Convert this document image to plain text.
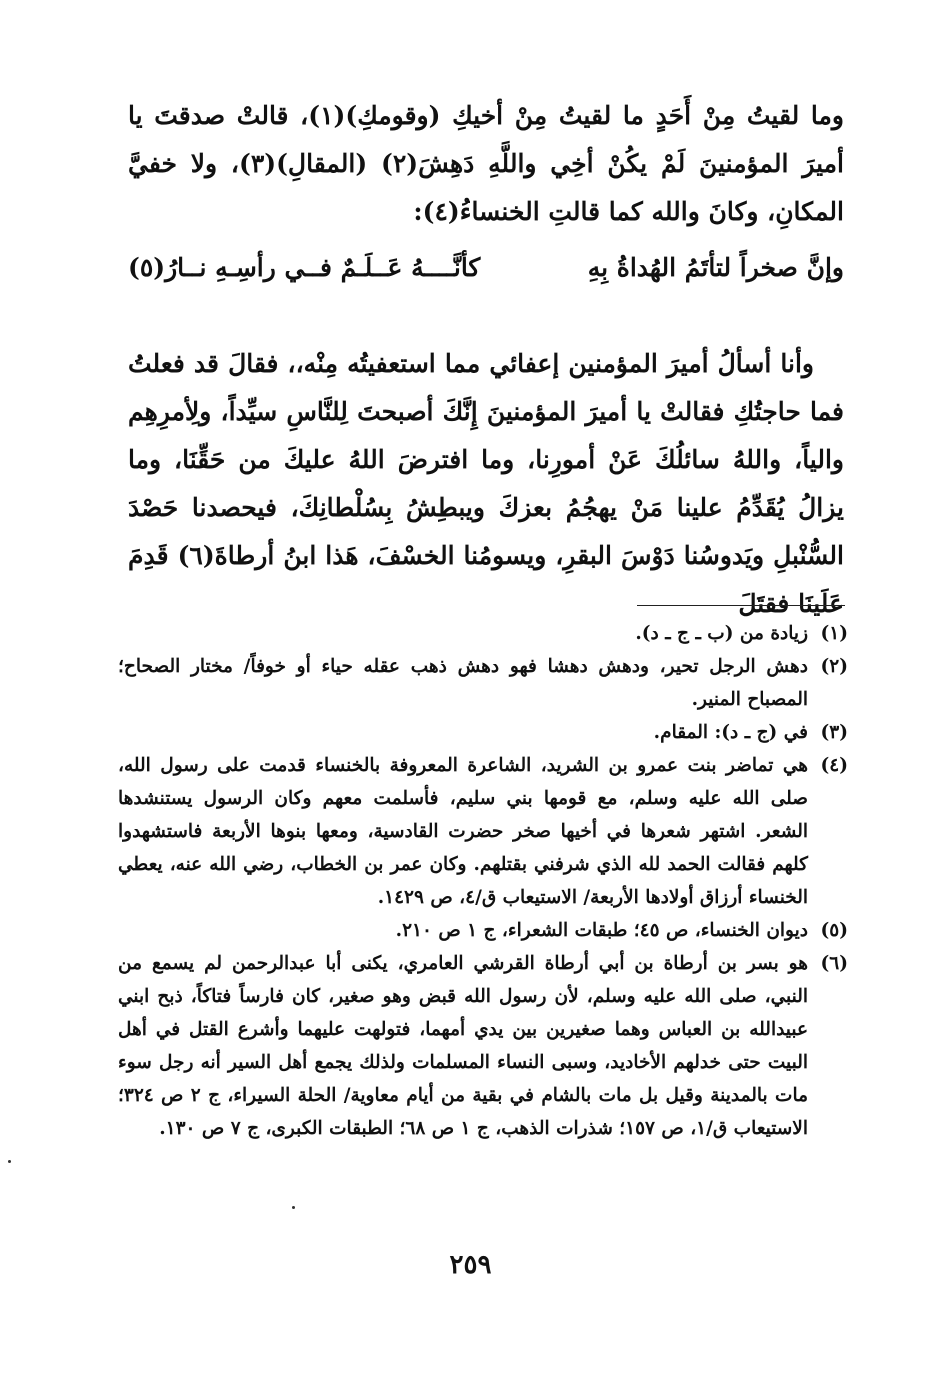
وما لقيتُ مِنْ أَحَدٍ ما لقيتُ مِنْ أخيكِ (وقومكِ)(١)، قالتْ صدقتَ يا أميرَ المؤمنينَ لَمْ يكُنْ أخِي واللَّهِ دَهِشَ(٢) (المقالِ)(٣)، ولا خفيَّ المكانِ، وكانَ والله كما قالتِ الخنساءُ(٤):

وإنَّ صخراً لتأتَمُ الهُداةُ بِهِ
كأنَّــــهُ عَــلَـمٌ فــي رأسِـهِ نــارُ(٥)

وأنا أسألُ أميرَ المؤمنين إعفائي مما استعفيتُه مِنْه،، فقالَ قد فعلتُ فما حاجتُكِ فقالتْ يا أميرَ المؤمنينَ إِنَّكَ أصبحتَ لِلنَّاسِ سيِّداً، ولِأمرِهِم والياً، واللهُ سائلُكَ عَنْ أمورِنا، وما افترضَ اللهُ عليكَ من حَقِّنَا، وما يزالُ يُقَدِّمُ علينا مَنْ يهجُمُ بعزكَ ويبطِشُ بِسُلْطانِكَ، فيحصدنا حَصْدَ السُّنْبلِ ويَدوسُنا دَوْسَ البقرِ، ويسومُنا الخسْفَ، هَذا ابنُ أرطاةَ(٦) قَدِمَ عَلَينَا فقتَلَ

(١)
زيادة من (ب ـ ج ـ د).
(٢)
دهش الرجل تحير، ودهش دهشا فهو دهش ذهب عقله حياء أو خوفاً/ مختار الصحاح؛ المصباح المنير.
(٣)
في (ج ـ د): المقام.
(٤)
هي تماضر بنت عمرو بن الشريد، الشاعرة المعروفة بالخنساء قدمت على رسول الله، صلى الله عليه وسلم، مع قومها بني سليم، فأسلمت معهم وكان الرسول يستنشدها الشعر. اشتهر شعرها في أخيها صخر حضرت القادسية، ومعها بنوها الأربعة فاستشهدوا كلهم فقالت الحمد لله الذي شرفني بقتلهم. وكان عمر بن الخطاب، رضي الله عنه، يعطي الخنساء أرزاق أولادها الأربعة/ الاستيعاب ق/٤، ص ١٤٢٩.
(٥)
ديوان الخنساء، ص ٤٥؛ طبقات الشعراء، ج ١ ص ٢١٠.
(٦)
هو بسر بن أرطاة بن أبي أرطاة القرشي العامري، يكنى أبا عبدالرحمن لم يسمع من النبي، صلى الله عليه وسلم، لأن رسول الله قبض وهو صغير، كان فارساً فتاكاً، ذبح ابني عبيدالله بن العباس وهما صغيرين بين يدي أمهما، فتولهت عليهما وأشرع القتل في أهل البيت حتى خدلهم الأخاديد، وسبى النساء المسلمات ولذلك يجمع أهل السير أنه رجل سوء مات بالمدينة وقيل بل مات بالشام في بقية من أيام معاوية/ الحلة السيراء، ج ٢ ص ٣٢٤؛ الاستيعاب ق/١، ص ١٥٧؛ شذرات الذهب، ج ١ ص ٦٨؛ الطبقات الكبرى، ج ٧ ص ١٣٠.
٢٥٩
